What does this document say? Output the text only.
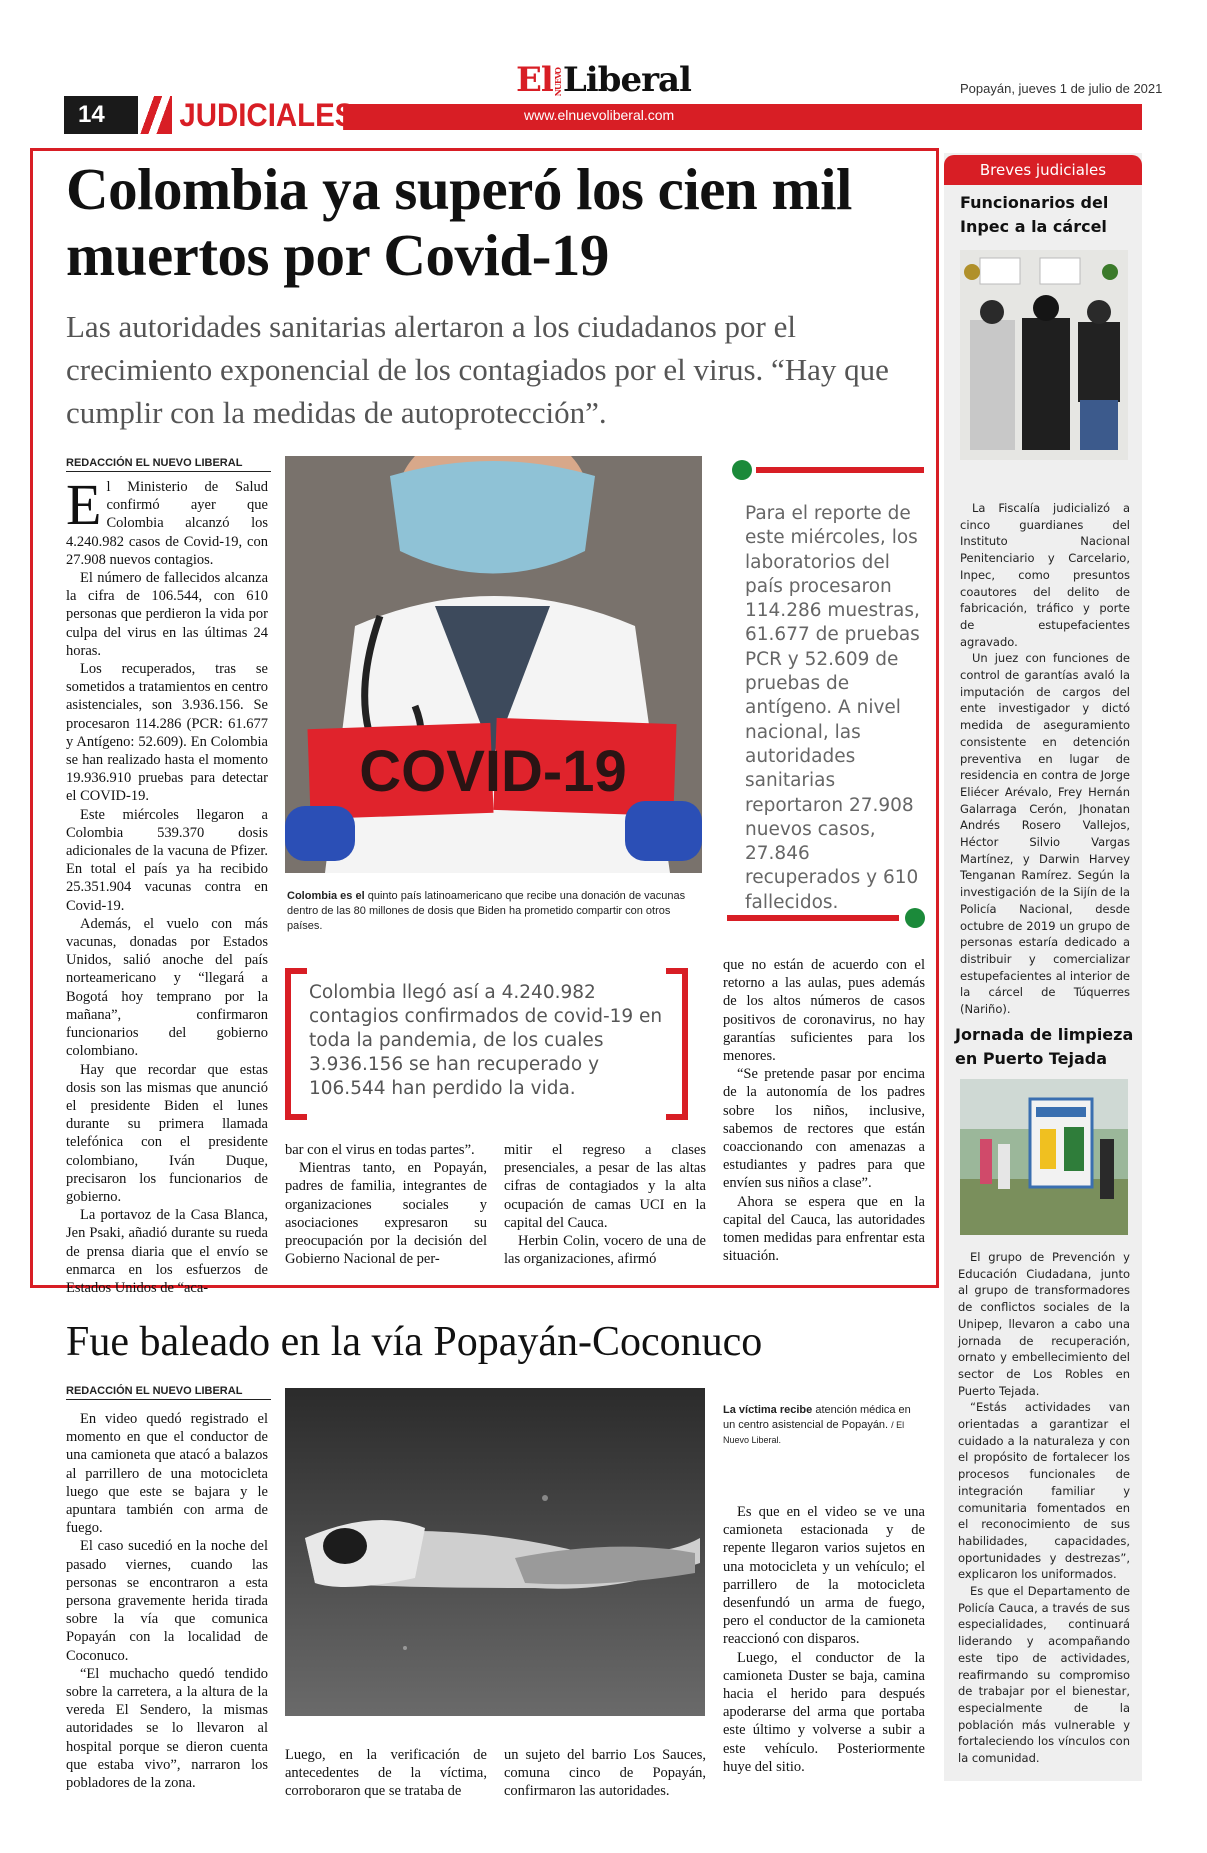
14	JUDICIALES
ElNUEVOLiberal
www.elnuevoliberal.com
Popayán, jueves 1 de julio de 2021
Colombia ya superó los cien mil muertos por Covid-19
Las autoridades sanitarias alertaron a los ciudadanos por el crecimiento exponencial de los contagiados por el virus. “Hay que cumplir con la medidas de autoprotección”.
REDACCIÓN EL NUEVO LIBERAL

El Ministerio de Salud confirmó ayer que Colombia alcanzó los 4.240.982 casos de Covid-19, con 27.908 nuevos contagios.

El número de fallecidos alcanza la cifra de 106.544, con 610 personas que perdieron la vida por culpa del virus en las últimas 24 horas.

Los recuperados, tras se sometidos a tratamientos en centro asistenciales, son 3.936.156. Se procesaron 114.286 (PCR: 61.677 y Antígeno: 52.609). En Colombia se han realizado hasta el momento 19.936.910 pruebas para detectar el COVID-19.

Este miércoles llegaron a Colombia 539.370 dosis adicionales de la vacuna de Pfizer. En total el país ya ha recibido 25.351.904 vacunas contra en Covid-19.

Además, el vuelo con más vacunas, donadas por Estados Unidos, salió anoche del país norteamericano y “llegará a Bogotá hoy temprano por la mañana”, confirmaron funcionarios del gobierno colombiano.

Hay que recordar que estas dosis son las mismas que anunció el presidente Biden el lunes durante su primera llamada telefónica con el presidente colombiano, Iván Duque, precisaron los funcionarios de gobierno.

La portavoz de la Casa Blanca, Jen Psaki, añadió durante su rueda de prensa diaria que el envío se enmarca en los esfuerzos de Estados Unidos de “aca-

COVID-19
Colombia es el quinto país latinoamericano que recibe una donación de vacunas dentro de las 80 millones de dosis que Biden ha prometido compartir con otros países.
Para el reporte de este miércoles, los laboratorios del país procesaron 114.286 muestras, 61.677 de pruebas PCR y 52.609 de pruebas de antígeno. A nivel nacional, las autoridades sanitarias reportaron 27.908 nuevos casos, 27.846 recuperados y 610 fallecidos.
Colombia llegó así a 4.240.982 contagios confirmados de covid-19 en toda la pandemia, de los cuales 3.936.156 se han recuperado y 106.544 han perdido la vida.

bar con el virus en todas partes”.

Mientras tanto, en Popayán, padres de familia, integrantes de organizaciones sociales y asociaciones expresaron su preocupación por la decisión del Gobierno Nacional de per-

mitir el regreso a clases presenciales, a pesar de las altas cifras de contagiados y la alta ocupación de camas UCI en la capital del Cauca.

Herbin Colin, vocero de una de las organizaciones, afirmó

que no están de acuerdo con el retorno a las aulas, pues además de los altos números de casos positivos de coronavirus, no hay garantías suficientes para los menores.

“Se pretende pasar por encima de la autonomía de los padres sobre los niños, inclusive, sabemos de rectores que están coaccionando con amenazas a estudiantes y padres para que envíen sus niños a clase”.

Ahora se espera que en la capital del Cauca, las autoridades tomen medidas para enfrentar esta situación.

Fue baleado en la vía Popayán-Coconuco
REDACCIÓN EL NUEVO LIBERAL

En video quedó registrado el momento en que el conductor de una camioneta que atacó a balazos al parrillero de una motocicleta luego que este se bajara y le apuntara también con arma de fuego.

El caso sucedió en la noche del pasado viernes, cuando las personas se encontraron a esta persona gravemente herida tirada sobre la vía que comunica Popayán con la localidad de Coconuco.

“El muchacho quedó tendido sobre la carretera, a la altura de la vereda El Sendero, la mismas autoridades se lo llevaron al hospital porque se dieron cuenta que estaba vivo”, narraron los pobladores de la zona.

La víctima recibe atención médica en un centro asistencial de Popayán. / El Nuevo Liberal.

Luego, en la verificación de antecedentes de la víctima, corroboraron que se trataba de

un sujeto del barrio Los Sauces, comuna cinco de Popayán, confirmaron las autoridades.

Es que en el video se ve una camioneta estacionada y de repente llegaron varios sujetos en una motocicleta y un vehículo; el parrillero de la motocicleta desenfundó un arma de fuego, pero el conductor de la camioneta reaccionó con disparos.

Luego, el conductor de la camioneta Duster se baja, camina hacia el herido para después apoderarse del arma que portaba este último y volverse a subir a este vehículo. Posteriormente huye del sitio.

Breves judiciales
Funcionarios del Inpec a la cárcel

La Fiscalía judicializó a cinco guardianes del Instituto Nacional Penitenciario y Carcelario, Inpec, como presuntos coautores del delito de fabricación, tráfico y porte de estupefacientes agravado.

Un juez con funciones de control de garantías avaló la imputación de cargos del ente investigador y dictó medida de aseguramiento consistente en detención preventiva en lugar de residencia en contra de Jorge Eliécer Arévalo, Frey Hernán Galarraga Cerón, Jhonatan Andrés Rosero Vallejos, Héctor Silvio Vargas Martínez, y Darwin Harvey Tenganan Ramírez. Según la investigación de la Sijín de la Policía Nacional, desde octubre de 2019 un grupo de personas estaría dedicado a distribuir y comercializar estupefacientes al interior de la cárcel de Túquerres (Nariño).

Jornada de limpieza en Puerto Tejada

El grupo de Prevención y Educación Ciudadana, junto al grupo de transformadores de conflictos sociales de la Unipep, llevaron a cabo una jornada de recuperación, ornato y embellecimiento del sector de Los Robles en Puerto Tejada.

“Estás actividades van orientadas a garantizar el cuidado a la naturaleza y con el propósito de fortalecer los procesos funcionales de integración familiar y comunitaria fomentados en el reconocimiento de sus habilidades, capacidades, oportunidades y destrezas”, explicaron los uniformados.

Es que el Departamento de Policía Cauca, a través de sus especialidades, continuará liderando y acompañando este tipo de actividades, reafirmando su compromiso de trabajar por el bienestar, especialmente de la población más vulnerable y fortaleciendo los vínculos con la comunidad.
